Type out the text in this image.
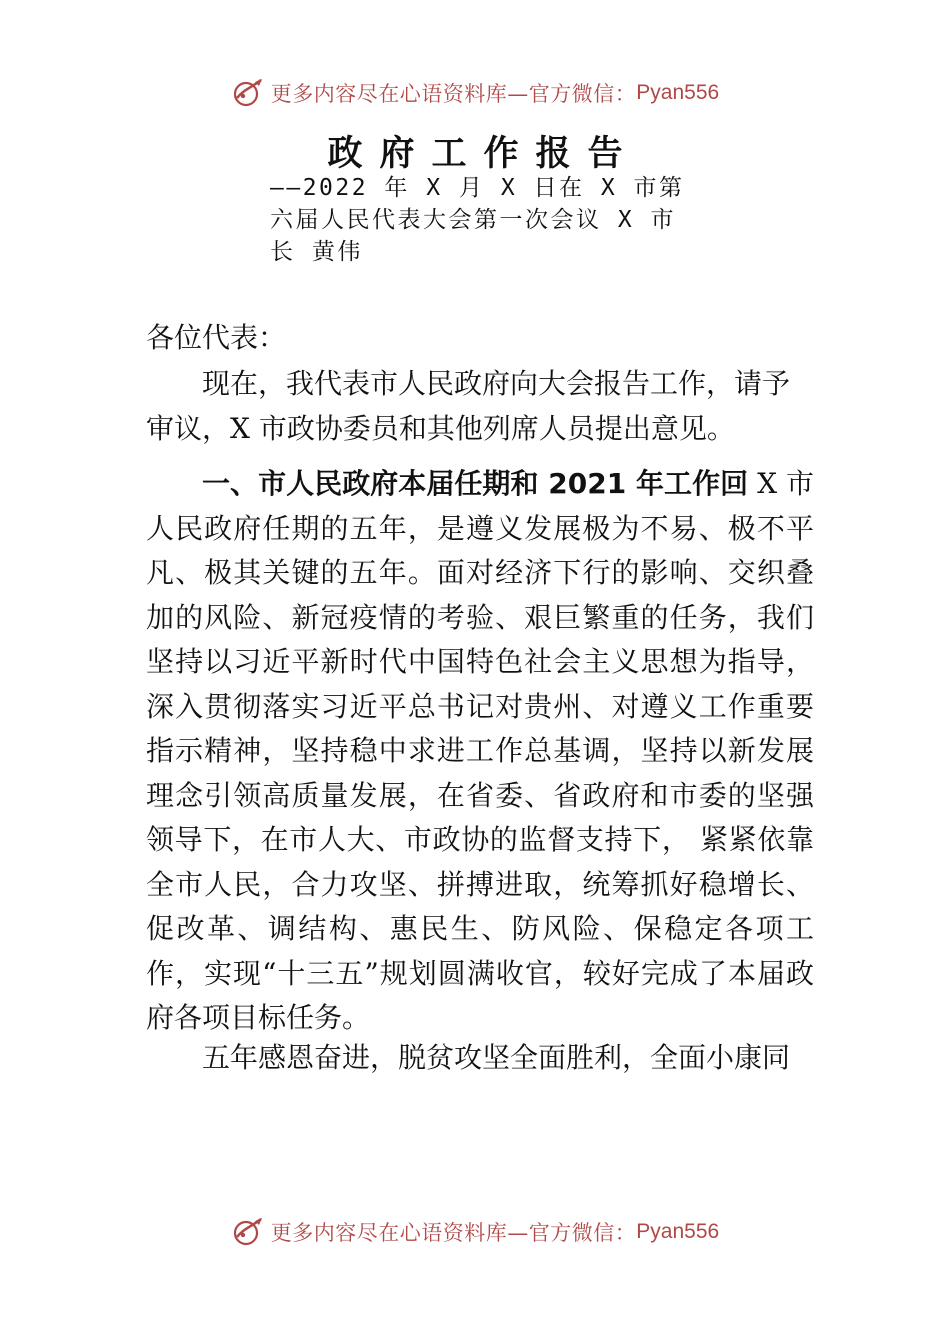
更多内容尽在心语资料库—官方微信： Pyan556
政府工作报告
——2022 年 X 月 X 日在 X 市第六届人民代表大会第一次会议 X 市长 黄伟
各位代表：
现在，我代表市人民政府向大会报告工作，请予审议，X 市政协委员和其他列席人员提出意见。
一、市人民政府本届任期和 2021 年工作回 X 市人民政府任期的五年，是遵义发展极为不易、极不平凡、极其关键的五年。面对经济下行的影响、交织叠加的风险、新冠疫情的考验、艰巨繁重的任务，我们坚持以习近平新时代中国特色社会主义思想为指导，深入贯彻落实习近平总书记对贵州、对遵义工作重要指示精神，坚持稳中求进工作总基调，坚持以新发展理念引领高质量发展，在省委、省政府和市委的坚强领导下，在市人大、市政协的监督支持下， 紧紧依靠全市人民，合力攻坚、拼搏进取，统筹抓好稳增长、促改革、调结构、惠民生、防风险、保稳定各项工作，实现“十三五”规划圆满收官，较好完成了本届政府各项目标任务。
五年感恩奋进，脱贫攻坚全面胜利，全面小康同
更多内容尽在心语资料库—官方微信： Pyan556
